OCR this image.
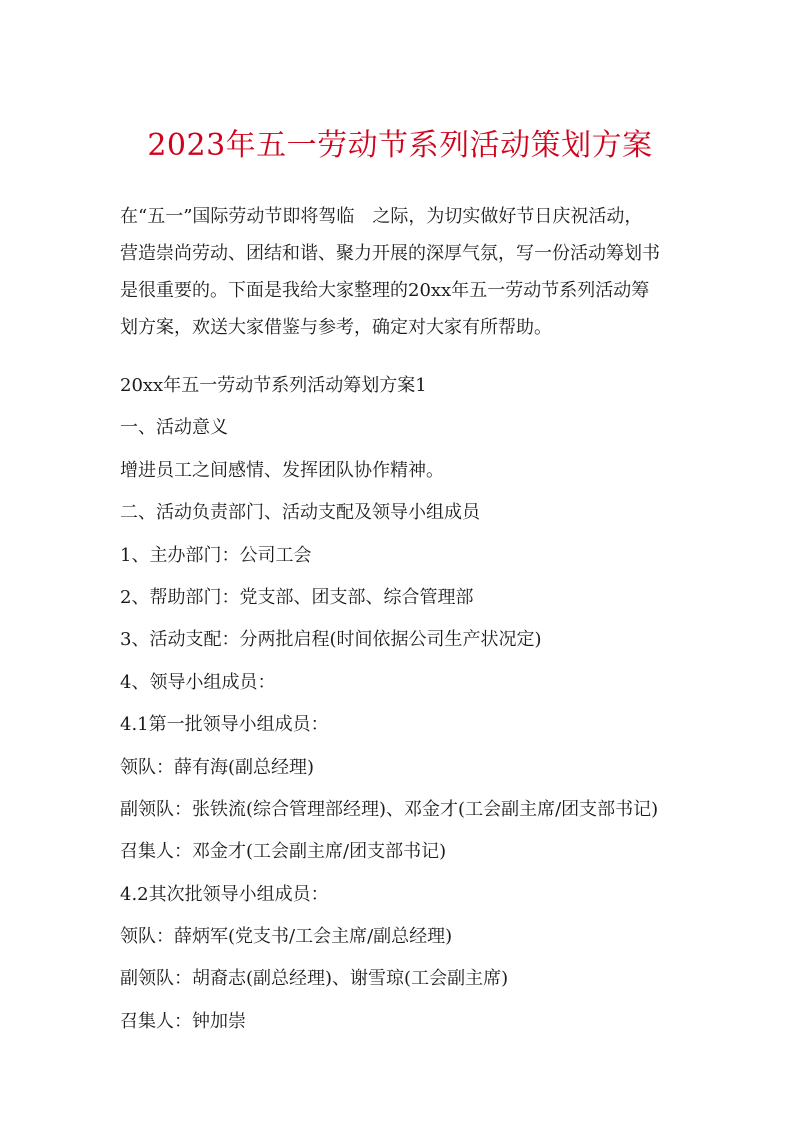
2023年五一劳动节系列活动策划方案

在“五一”国际劳动节即将驾临　之际，为切实做好节日庆祝活动，

营造崇尚劳动、团结和谐、聚力开展的深厚气氛，写一份活动筹划书

是很重要的。下面是我给大家整理的20xx年五一劳动节系列活动筹

划方案，欢送大家借鉴与参考，确定对大家有所帮助。

20xx年五一劳动节系列活动筹划方案1

一、活动意义

增进员工之间感情、发挥团队协作精神。

二、活动负责部门、活动支配及领导小组成员

1、主办部门：公司工会

2、帮助部门：党支部、团支部、综合管理部

3、活动支配：分两批启程(时间依据公司生产状况定)

4、领导小组成员：

4.1第一批领导小组成员：

领队：薛有海(副总经理)

副领队：张铁流(综合管理部经理)、邓金才(工会副主席/团支部书记)

召集人：邓金才(工会副主席/团支部书记)

4.2其次批领导小组成员：

领队：薛炳军(党支书/工会主席/副总经理)

副领队：胡裔志(副总经理)、谢雪琼(工会副主席)

召集人：钟加崇
